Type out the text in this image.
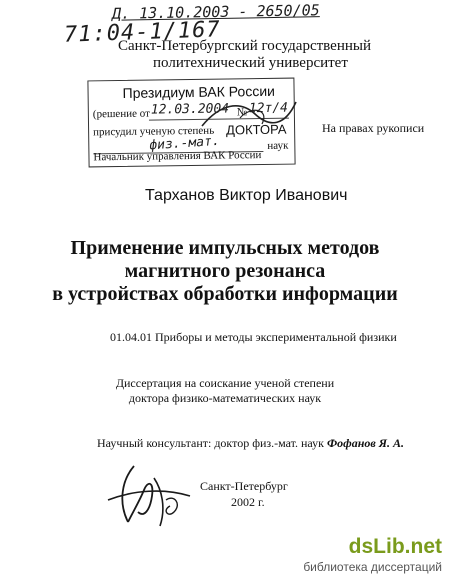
Д. 13.10.2003 - 2650/05
71:04-1/167
Санкт-Петербургский государственный
политехнический университет
Президиум ВАК России
(решение от 12.03.2004 № 12т/4
присудил ученую степень ДОКТОРА
физ.-мат.	наук
Начальник управления ВАК России
На правах рукописи
Тарханов Виктор Иванович
Применение импульсных методов
магнитного резонанса
в устройствах обработки информации
01.04.01 Приборы и методы экспериментальной физики
Диссертация на соискание ученой степени
доктора физико-математических наук
Научный консультант: доктор физ.-мат. наук Фофанов Я. А.
Санкт-Петербург
2002 г.
dsLib.net
библиотека диссертаций
